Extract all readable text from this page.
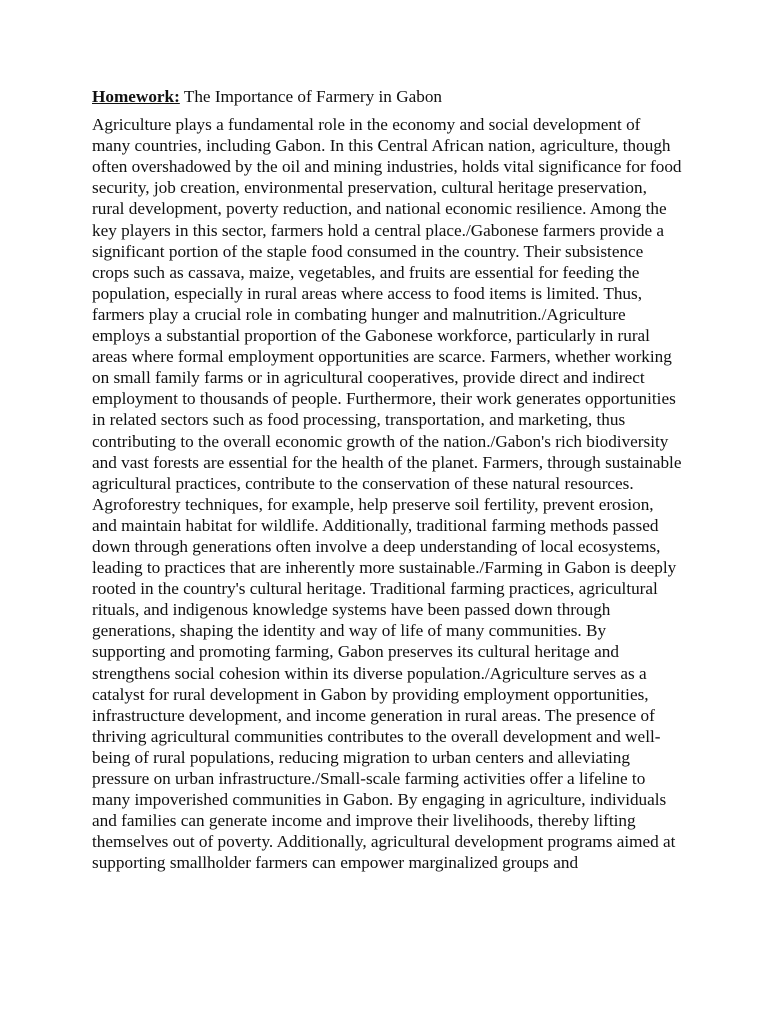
Homework: The Importance of Farmery in Gabon

Agriculture plays a fundamental role in the economy and social development of many countries, including Gabon. In this Central African nation, agriculture, though often overshadowed by the oil and mining industries, holds vital significance for food security, job creation, environmental preservation, cultural heritage preservation, rural development, poverty reduction, and national economic resilience. Among the key players in this sector, farmers hold a central place./Gabonese farmers provide a significant portion of the staple food consumed in the country. Their subsistence crops such as cassava, maize, vegetables, and fruits are essential for feeding the population, especially in rural areas where access to food items is limited. Thus, farmers play a crucial role in combating hunger and malnutrition./Agriculture employs a substantial proportion of the Gabonese workforce, particularly in rural areas where formal employment opportunities are scarce. Farmers, whether working on small family farms or in agricultural cooperatives, provide direct and indirect employment to thousands of people. Furthermore, their work generates opportunities in related sectors such as food processing, transportation, and marketing, thus contributing to the overall economic growth of the nation./Gabon's rich biodiversity and vast forests are essential for the health of the planet. Farmers, through sustainable agricultural practices, contribute to the conservation of these natural resources. Agroforestry techniques, for example, help preserve soil fertility, prevent erosion, and maintain habitat for wildlife. Additionally, traditional farming methods passed down through generations often involve a deep understanding of local ecosystems, leading to practices that are inherently more sustainable./Farming in Gabon is deeply rooted in the country's cultural heritage. Traditional farming practices, agricultural rituals, and indigenous knowledge systems have been passed down through generations, shaping the identity and way of life of many communities. By supporting and promoting farming, Gabon preserves its cultural heritage and strengthens social cohesion within its diverse population./Agriculture serves as a catalyst for rural development in Gabon by providing employment opportunities, infrastructure development, and income generation in rural areas. The presence of thriving agricultural communities contributes to the overall development and well-being of rural populations, reducing migration to urban centers and alleviating pressure on urban infrastructure./Small-scale farming activities offer a lifeline to many impoverished communities in Gabon. By engaging in agriculture, individuals and families can generate income and improve their livelihoods, thereby lifting themselves out of poverty. Additionally, agricultural development programs aimed at supporting smallholder farmers can empower marginalized groups and
